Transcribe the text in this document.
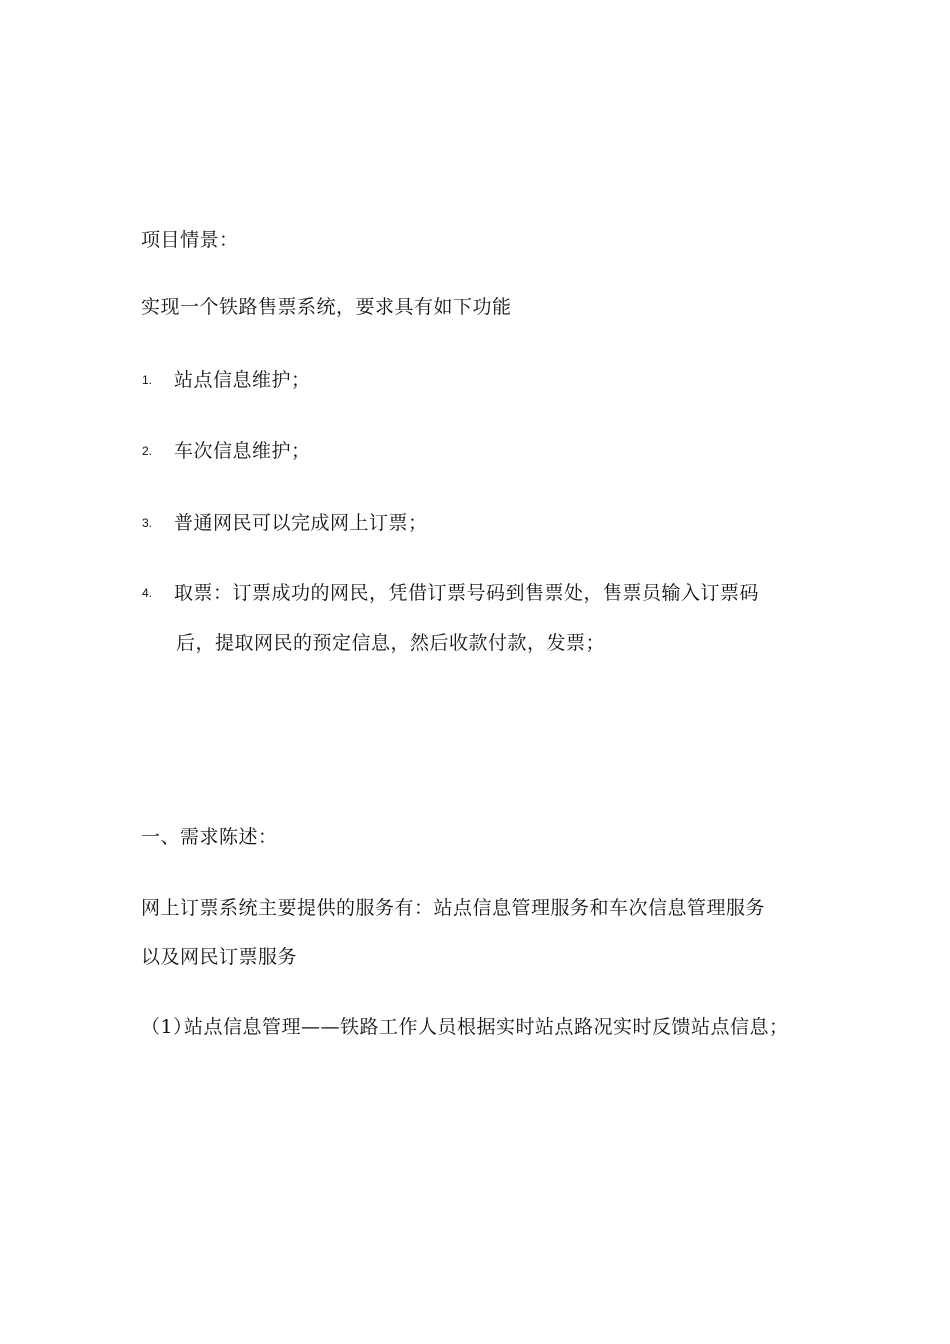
项目情景：
实现一个铁路售票系统，要求具有如下功能
1. 站点信息维护；
2. 车次信息维护；
3. 普通网民可以完成网上订票；
4. 取票：订票成功的网民，凭借订票号码到售票处，售票员输入订票码
后，提取网民的预定信息，然后收款付款，发票；
一、需求陈述：
网上订票系统主要提供的服务有：站点信息管理服务和车次信息管理服务
以及网民订票服务
（1）
站点信息管理——铁路工作人员根据实时站点路况实时反馈站点信息；
